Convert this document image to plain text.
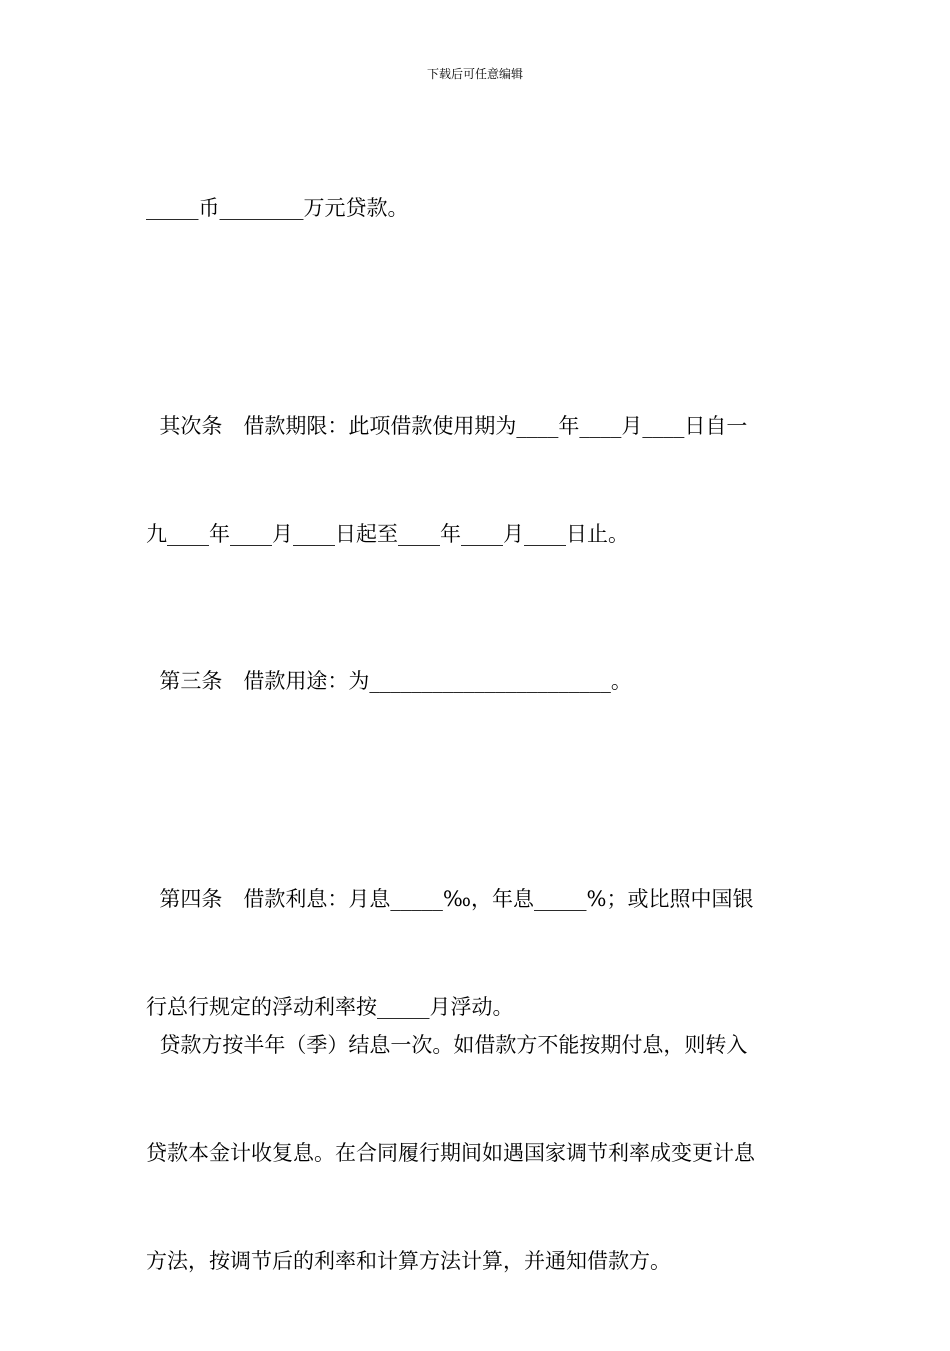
下载后可任意编辑

_____币________万元贷款。

其次条　借款期限：此项借款使用期为____年____月____日自一

九____年____月____日起至____年____月____日止。

第三条　借款用途：为_______________________。

第四条　借款利息：月息_____‰，年息_____%；或比照中国银

行总行规定的浮动利率按_____月浮动。

贷款方按半年（季）结息一次。如借款方不能按期付息，则转入

贷款本金计收复息。在合同履行期间如遇国家调节利率成变更计息

方法，按调节后的利率和计算方法计算，并通知借款方。
